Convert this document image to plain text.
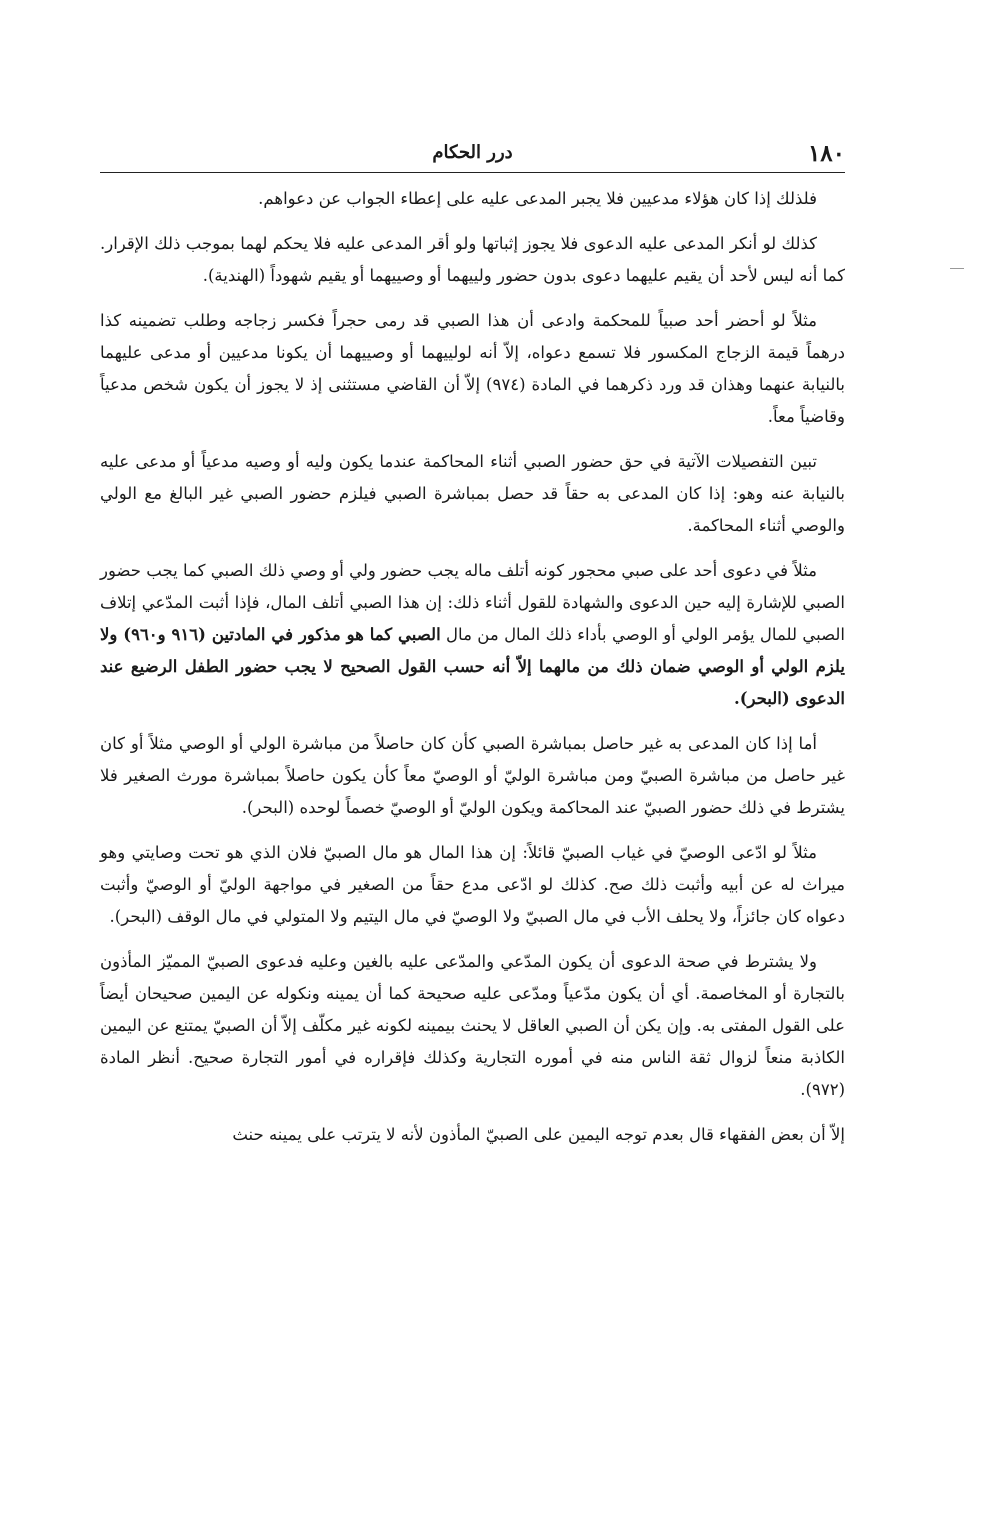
١٨٠
درر الحكام

فلذلك إذا كان هؤلاء مدعيين فلا يجبر المدعى عليه على إعطاء الجواب عن دعواهم.

كذلك لو أنكر المدعى عليه الدعوى فلا يجوز إثباتها ولو أقر المدعى عليه فلا يحكم لهما بموجب ذلك الإقرار. كما أنه ليس لأحد أن يقيم عليهما دعوى بدون حضور ولييهما أو وصييهما أو يقيم شهوداً (الهندية).

مثلاً لو أحضر أحد صبياً للمحكمة وادعى أن هذا الصبي قد رمى حجراً فكسر زجاجه وطلب تضمينه كذا درهماً قيمة الزجاج المكسور فلا تسمع دعواه، إلاّ أنه لولييهما أو وصييهما أن يكونا مدعيين أو مدعى عليهما بالنيابة عنهما وهذان قد ورد ذكرهما في المادة (٩٧٤) إلاّ أن القاضي مستثنى إذ لا يجوز أن يكون شخص مدعياً وقاضياً معاً.

تبين التفصيلات الآتية في حق حضور الصبي أثناء المحاكمة عندما يكون وليه أو وصيه مدعياً أو مدعى عليه بالنيابة عنه وهو: إذا كان المدعى به حقاً قد حصل بمباشرة الصبي فيلزم حضور الصبي غير البالغ مع الولي والوصي أثناء المحاكمة.

مثلاً في دعوى أحد على صبي محجور كونه أتلف ماله يجب حضور ولي أو وصي ذلك الصبي كما يجب حضور الصبي للإشارة إليه حين الدعوى والشهادة للقول أثناء ذلك: إن هذا الصبي أتلف المال، فإذا أثبت المدّعي إتلاف الصبي للمال يؤمر الولي أو الوصي بأداء ذلك المال من مال الصبي كما هو مذكور في المادتين (٩١٦ و٩٦٠) ولا يلزم الولي أو الوصي ضمان ذلك من مالهما إلاّ أنه حسب القول الصحيح لا يجب حضور الطفل الرضيع عند الدعوى (البحر).

أما إذا كان المدعى به غير حاصل بمباشرة الصبي كأن كان حاصلاً من مباشرة الولي أو الوصي مثلاً أو كان غير حاصل من مباشرة الصبيّ ومن مباشرة الوليّ أو الوصيّ معاً كأن يكون حاصلاً بمباشرة مورث الصغير فلا يشترط في ذلك حضور الصبيّ عند المحاكمة ويكون الوليّ أو الوصيّ خصماً لوحده (البحر).

مثلاً لو ادّعى الوصيّ في غياب الصبيّ قائلاً: إن هذا المال هو مال الصبيّ فلان الذي هو تحت وصايتي وهو ميراث له عن أبيه وأثبت ذلك صح. كذلك لو ادّعى مدع حقاً من الصغير في مواجهة الوليّ أو الوصيّ وأثبت دعواه كان جائزاً، ولا يحلف الأب في مال الصبيّ ولا الوصيّ في مال اليتيم ولا المتولي في مال الوقف (البحر).

ولا يشترط في صحة الدعوى أن يكون المدّعي والمدّعى عليه بالغين وعليه فدعوى الصبيّ المميّز المأذون بالتجارة أو المخاصمة. أي أن يكون مدّعياً ومدّعى عليه صحيحة كما أن يمينه ونكوله عن اليمين صحيحان أيضاً على القول المفتى به. وإن يكن أن الصبي العاقل لا يحنث بيمينه لكونه غير مكلّف إلاّ أن الصبيّ يمتنع عن اليمين الكاذبة منعاً لزوال ثقة الناس منه في أموره التجارية وكذلك فإقراره في أمور التجارة صحيح. أنظر المادة (٩٧٢).

إلاّ أن بعض الفقهاء قال بعدم توجه اليمين على الصبيّ المأذون لأنه لا يترتب على يمينه حنث
